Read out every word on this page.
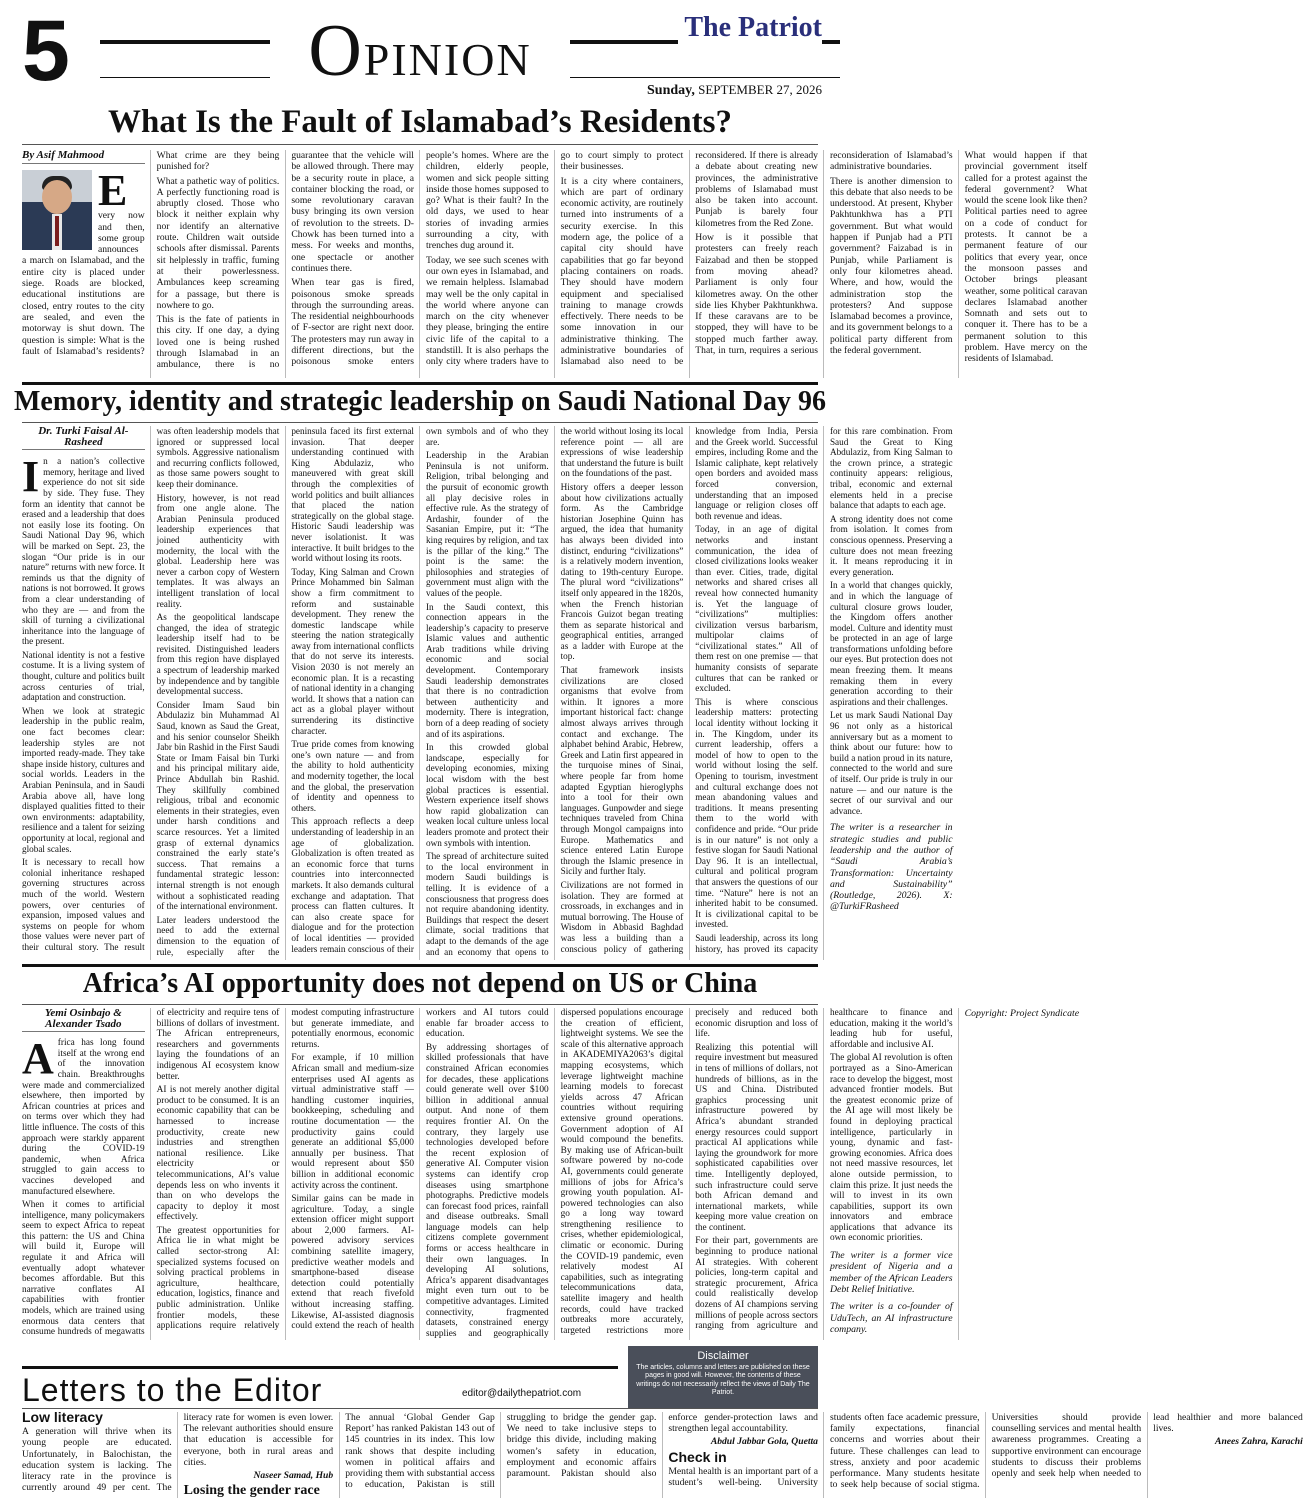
5	OPINION
The Patriot
Sunday, SEPTEMBER 27, 2026
What Is the Fault of Islamabad’s Residents?
By Asif Mahmood

E
very now and then, some group announces a march on Islamabad, and the entire city is placed under siege. Roads are blocked, educational institutions are closed, entry routes to the city are sealed, and even the motorway is shut down. The question is simple: What is the fault of Islamabad’s residents? What crime are they being punished for?

What a pathetic way of politics. A perfectly functioning road is abruptly closed. Those who block it neither explain why nor identify an alternative route. Children wait outside schools after dismissal. Parents sit helplessly in traffic, fuming at their powerlessness. Ambulances keep screaming for a passage, but there is nowhere to go.

This is the fate of patients in this city. If one day, a dying loved one is being rushed through Islamabad in an ambulance, there is no guarantee that the vehicle will be allowed through. There may be a security route in place, a container blocking the road, or some revolutionary caravan busy bringing its own version of revolution to the streets. D-Chowk has been turned into a mess. For weeks and months, one spectacle or another continues there.

When tear gas is fired, poisonous smoke spreads through the surrounding areas. The residential neighbourhoods of F-sector are right next door. The protesters may run away in different directions, but the poisonous smoke enters people’s homes. Where are the children, elderly people, women and sick people sitting inside those homes supposed to go? What is their fault? In the old days, we used to hear stories of invading armies surrounding a city, with trenches dug around it.

Today, we see such scenes with our own eyes in Islamabad, and we remain helpless. Islamabad may well be the only capital in the world where anyone can march on the city whenever they please, bringing the entire civic life of the capital to a standstill. It is also perhaps the only city where traders have to go to court simply to protect their businesses.

It is a city where containers, which are part of ordinary economic activity, are routinely turned into instruments of a security exercise. In this modern age, the police of a capital city should have capabilities that go far beyond placing containers on roads. They should have modern equipment and specialised training to manage crowds effectively. There needs to be some innovation in our administrative thinking. The administrative boundaries of Islamabad also need to be reconsidered. If there is already a debate about creating new provinces, the administrative problems of Islamabad must also be taken into account. Punjab is barely four kilometres from the Red Zone.

How is it possible that protesters can freely reach Faizabad and then be stopped from moving ahead? Parliament is only four kilometres away. On the other side lies Khyber Pakhtunkhwa. If these caravans are to be stopped, they will have to be stopped much farther away. That, in turn, requires a serious reconsideration of Islamabad’s administrative boundaries.

There is another dimension to this debate that also needs to be understood. At present, Khyber Pakhtunkhwa has a PTI government. But what would happen if Punjab had a PTI government? Faizabad is in Punjab, while Parliament is only four kilometres ahead. Where, and how, would the administration stop the protesters? And suppose Islamabad becomes a province, and its government belongs to a political party different from the federal government.

What would happen if that provincial government itself called for a protest against the federal government? What would the scene look like then? Political parties need to agree on a code of conduct for protests. It cannot be a permanent feature of our politics that every year, once the monsoon passes and October brings pleasant weather, some political caravan declares Islamabad another Somnath and sets out to conquer it. There has to be a permanent solution to this problem. Have mercy on the residents of Islamabad.

Memory, identity and strategic leadership on Saudi National Day 96
Dr. Turki Faisal Al-Rasheed

In a nation’s collective memory, heritage and lived experience do not sit side by side. They fuse. They form an identity that cannot be erased and a leadership that does not easily lose its footing. On Saudi National Day 96, which will be marked on Sept. 23, the slogan “Our pride is in our nature” returns with new force. It reminds us that the dignity of nations is not borrowed. It grows from a clear understanding of who they are — and from the skill of turning a civilizational inheritance into the language of the present.

National identity is not a festive costume. It is a living system of thought, culture and politics built across centuries of trial, adaptation and construction.

When we look at strategic leadership in the public realm, one fact becomes clear: leadership styles are not imported ready-made. They take shape inside history, cultures and social worlds. Leaders in the Arabian Peninsula, and in Saudi Arabia above all, have long displayed qualities fitted to their own environments: adaptability, resilience and a talent for seizing opportunity at local, regional and global scales.

It is necessary to recall how colonial inheritance reshaped governing structures across much of the world. Western powers, over centuries of expansion, imposed values and systems on people for whom those values were never part of their cultural story. The result was often leadership models that ignored or suppressed local symbols. Aggressive nationalism and recurring conflicts followed, as those same powers sought to keep their dominance.

History, however, is not read from one angle alone. The Arabian Peninsula produced leadership experiences that joined authenticity with modernity, the local with the global. Leadership here was never a carbon copy of Western templates. It was always an intelligent translation of local reality.

As the geopolitical landscape changed, the idea of strategic leadership itself had to be revisited. Distinguished leaders from this region have displayed a spectrum of leadership marked by independence and by tangible developmental success.

Consider Imam Saud bin Abdulaziz bin Muhammad Al Saud, known as Saud the Great, and his senior counselor Sheikh Jabr bin Rashid in the First Saudi State or Imam Faisal bin Turki and his principal military aide, Prince Abdullah bin Rashid. They skillfully combined religious, tribal and economic elements in their strategies, even under harsh conditions and scarce resources. Yet a limited grasp of external dynamics constrained the early state’s success. That remains a fundamental strategic lesson: internal strength is not enough without a sophisticated reading of the international environment.

Later leaders understood the need to add the external dimension to the equation of rule, especially after the peninsula faced its first external invasion. That deeper understanding continued with King Abdulaziz, who maneuvered with great skill through the complexities of world politics and built alliances that placed the nation strategically on the global stage. Historic Saudi leadership was never isolationist. It was interactive. It built bridges to the world without losing its roots.

Today, King Salman and Crown Prince Mohammed bin Salman show a firm commitment to reform and sustainable development. They renew the domestic landscape while steering the nation strategically away from international conflicts that do not serve its interests. Vision 2030 is not merely an economic plan. It is a recasting of national identity in a changing world. It shows that a nation can act as a global player without surrendering its distinctive character.

True pride comes from knowing one’s own nature — and from the ability to hold authenticity and modernity together, the local and the global, the preservation of identity and openness to others.

This approach reflects a deep understanding of leadership in an age of globalization. Globalization is often treated as an economic force that turns countries into interconnected markets. It also demands cultural exchange and adaptation. That process can flatten cultures. It can also create space for dialogue and for the protection of local identities — provided leaders remain conscious of their own symbols and of who they are.

Leadership in the Arabian Peninsula is not uniform. Religion, tribal belonging and the pursuit of economic growth all play decisive roles in effective rule. As the strategy of Ardashir, founder of the Sasanian Empire, put it: “The king requires by religion, and tax is the pillar of the king.” The point is the same: the philosophies and strategies of government must align with the values of the people.

In the Saudi context, this connection appears in the leadership’s capacity to preserve Islamic values and authentic Arab traditions while driving economic and social development. Contemporary Saudi leadership demonstrates that there is no contradiction between authenticity and modernity. There is integration, born of a deep reading of society and of its aspirations.

In this crowded global landscape, especially for developing economies, mixing local wisdom with the best global practices is essential. Western experience itself shows how rapid globalization can weaken local culture unless local leaders promote and protect their own symbols with intention.

The spread of architecture suited to the local environment in modern Saudi buildings is telling. It is evidence of a consciousness that progress does not require abandoning identity. Buildings that respect the desert climate, social traditions that adapt to the demands of the age and an economy that opens to the world without losing its local reference point — all are expressions of wise leadership that understand the future is built on the foundations of the past.

History offers a deeper lesson about how civilizations actually form. As the Cambridge historian Josephine Quinn has argued, the idea that humanity has always been divided into distinct, enduring “civilizations” is a relatively modern invention, dating to 19th-century Europe. The plural word “civilizations” itself only appeared in the 1820s, when the French historian Francois Guizot began treating them as separate historical and geographical entities, arranged as a ladder with Europe at the top.

That framework insists civilizations are closed organisms that evolve from within. It ignores a more important historical fact: change almost always arrives through contact and exchange. The alphabet behind Arabic, Hebrew, Greek and Latin first appeared in the turquoise mines of Sinai, where people far from home adapted Egyptian hieroglyphs into a tool for their own languages. Gunpowder and siege techniques traveled from China through Mongol campaigns into Europe. Mathematics and science entered Latin Europe through the Islamic presence in Sicily and further Italy.

Civilizations are not formed in isolation. They are formed at crossroads, in exchanges and in mutual borrowing. The House of Wisdom in Abbasid Baghdad was less a building than a conscious policy of gathering knowledge from India, Persia and the Greek world. Successful empires, including Rome and the Islamic caliphate, kept relatively open borders and avoided mass forced conversion, understanding that an imposed language or religion closes off both revenue and ideas.

Today, in an age of digital networks and instant communication, the idea of closed civilizations looks weaker than ever. Cities, trade, digital networks and shared crises all reveal how connected humanity is. Yet the language of “civilizations” multiplies: civilization versus barbarism, multipolar claims of “civilizational states.” All of them rest on one premise — that humanity consists of separate cultures that can be ranked or excluded.

This is where conscious leadership matters: protecting local identity without locking it in. The Kingdom, under its current leadership, offers a model of how to open to the world without losing the self. Opening to tourism, investment and cultural exchange does not mean abandoning values and traditions. It means presenting them to the world with confidence and pride. “Our pride is in our nature” is not only a festive slogan for Saudi National Day 96. It is an intellectual, cultural and political program that answers the questions of our time. “Nature” here is not an inherited habit to be consumed. It is civilizational capital to be invested.

Saudi leadership, across its long history, has proved its capacity for this rare combination. From Saud the Great to King Abdulaziz, from King Salman to the crown prince, a strategic continuity appears: religious, tribal, economic and external elements held in a precise balance that adapts to each age.

A strong identity does not come from isolation. It comes from conscious openness. Preserving a culture does not mean freezing it. It means reproducing it in every generation.

In a world that changes quickly, and in which the language of cultural closure grows louder, the Kingdom offers another model. Culture and identity must be protected in an age of large transformations unfolding before our eyes. But protection does not mean freezing them. It means remaking them in every generation according to their aspirations and their challenges.

Let us mark Saudi National Day 96 not only as a historical anniversary but as a moment to think about our future: how to build a nation proud in its nature, connected to the world and sure of itself. Our pride is truly in our nature — and our nature is the secret of our survival and our advance.

The writer is a researcher in strategic studies and public leadership and the author of “Saudi Arabia’s Transformation: Uncertainty and Sustainability” (Routledge, 2026). X: @TurkiFRasheed

Africa’s AI opportunity does not depend on US or China
Yemi Osinbajo &
Alexander Tsado

Africa has long found itself at the wrong end of the innovation chain. Breakthroughs were made and commercialized elsewhere, then imported by African countries at prices and on terms over which they had little influence. The costs of this approach were starkly apparent during the COVID-19 pandemic, when Africa struggled to gain access to vaccines developed and manufactured elsewhere.

When it comes to artificial intelligence, many policymakers seem to expect Africa to repeat this pattern: the US and China will build it, Europe will regulate it and Africa will eventually adopt whatever becomes affordable. But this narrative conflates AI capabilities with frontier models, which are trained using enormous data centers that consume hundreds of megawatts of electricity and require tens of billions of dollars of investment. The African entrepreneurs, researchers and governments laying the foundations of an indigenous AI ecosystem know better.

AI is not merely another digital product to be consumed. It is an economic capability that can be harnessed to increase productivity, create new industries and strengthen national resilience. Like electricity or telecommunications, AI’s value depends less on who invents it than on who develops the capacity to deploy it most effectively.

The greatest opportunities for Africa lie in what might be called sector-strong AI: specialized systems focused on solving practical problems in agriculture, healthcare, education, logistics, finance and public administration. Unlike frontier models, these applications require relatively modest computing infrastructure but generate immediate, and potentially enormous, economic returns.

For example, if 10 million African small and medium-size enterprises used AI agents as virtual administrative staff — handling customer inquiries, bookkeeping, scheduling and routine documentation — the productivity gains could generate an additional $5,000 annually per business. That would represent about $50 billion in additional economic activity across the continent.

Similar gains can be made in agriculture. Today, a single extension officer might support about 2,000 farmers. AI-powered advisory services combining satellite imagery, predictive weather models and smartphone-based disease detection could potentially extend that reach fivefold without increasing staffing. Likewise, AI-assisted diagnosis could extend the reach of health workers and AI tutors could enable far broader access to education.

By addressing shortages of skilled professionals that have constrained African economies for decades, these applications could generate well over $100 billion in additional annual output. And none of them requires frontier AI. On the contrary, they largely use technologies developed before the recent explosion of generative AI. Computer vision systems can identify crop diseases using smartphone photographs. Predictive models can forecast food prices, rainfall and disease outbreaks. Small language models can help citizens complete government forms or access healthcare in their own languages. In developing AI solutions, Africa’s apparent disadvantages might even turn out to be competitive advantages. Limited connectivity, fragmented datasets, constrained energy supplies and geographically dispersed populations encourage the creation of efficient, lightweight systems. We see the scale of this alternative approach in AKADEMIYA2063’s digital mapping ecosystems, which leverage lightweight machine learning models to forecast yields across 47 African countries without requiring extensive ground operations. Government adoption of AI would compound the benefits. By making use of African-built software powered by no-code AI, governments could generate millions of jobs for Africa’s growing youth population. AI-powered technologies can also go a long way toward strengthening resilience to crises, whether epidemiological, climatic or economic. During the COVID-19 pandemic, even relatively modest AI capabilities, such as integrating telecommunications data, satellite imagery and health records, could have tracked outbreaks more accurately, targeted restrictions more precisely and reduced both economic disruption and loss of life.

Realizing this potential will require investment but measured in tens of millions of dollars, not hundreds of billions, as in the US and China. Distributed graphics processing unit infrastructure powered by Africa’s abundant stranded energy resources could support practical AI applications while laying the groundwork for more sophisticated capabilities over time. Intelligently deployed, such infrastructure could serve both African demand and international markets, while keeping more value creation on the continent.

For their part, governments are beginning to produce national AI strategies. With coherent policies, long-term capital and strategic procurement, Africa could realistically develop dozens of AI champions serving millions of people across sectors ranging from agriculture and healthcare to finance and education, making it the world’s leading hub for useful, affordable and inclusive AI.

The global AI revolution is often portrayed as a Sino-American race to develop the biggest, most advanced frontier models. But the greatest economic prize of the AI age will most likely be found in deploying practical intelligence, particularly in young, dynamic and fast-growing economies. Africa does not need massive resources, let alone outside permission, to claim this prize. It just needs the will to invest in its own capabilities, support its own innovators and embrace applications that advance its own economic priorities.

The writer is a former vice president of Nigeria and a member of the African Leaders Debt Relief Initiative.

The writer is a co-founder of UduTech, an AI infrastructure company.

Copyright: Project Syndicate

Disclaimer

The articles, columns and letters are published on these pages in good will. However, the contents of these writings do not necessarily reflect the views of Daily The Patriot.

Letters to the Editor	editor@dailythepatriot.com
Low literacy

A generation will thrive when its young people are educated. Unfortunately, in Balochistan, the education system is lacking. The literacy rate in the province is currently around 49 per cent. The literacy rate for women is even lower. The relevant authorities should ensure that education is accessible for everyone, both in rural areas and cities.

Naseer Samad, Hub
Losing the gender race

The annual ‘Global Gender Gap Report’ has ranked Pakistan 143 out of 145 countries in its index. This low rank shows that despite including women in political affairs and providing them with substantial access to education, Pakistan is still struggling to bridge the gender gap. We need to take inclusive steps to bridge this divide, including making women’s safety in education, employment and economic affairs paramount. Pakistan should also enforce gender-protection laws and strengthen legal accountability.

Abdul Jabbar Gola, Quetta
Check in

Mental health is an important part of a student’s well-being. University students often face academic pressure, family expectations, financial concerns and worries about their future. These challenges can lead to stress, anxiety and poor academic performance. Many students hesitate to seek help because of social stigma. Universities should provide counselling services and mental health awareness programmes. Creating a supportive environment can encourage students to discuss their problems openly and seek help when needed to lead healthier and more balanced lives.

Anees Zahra, Karachi
